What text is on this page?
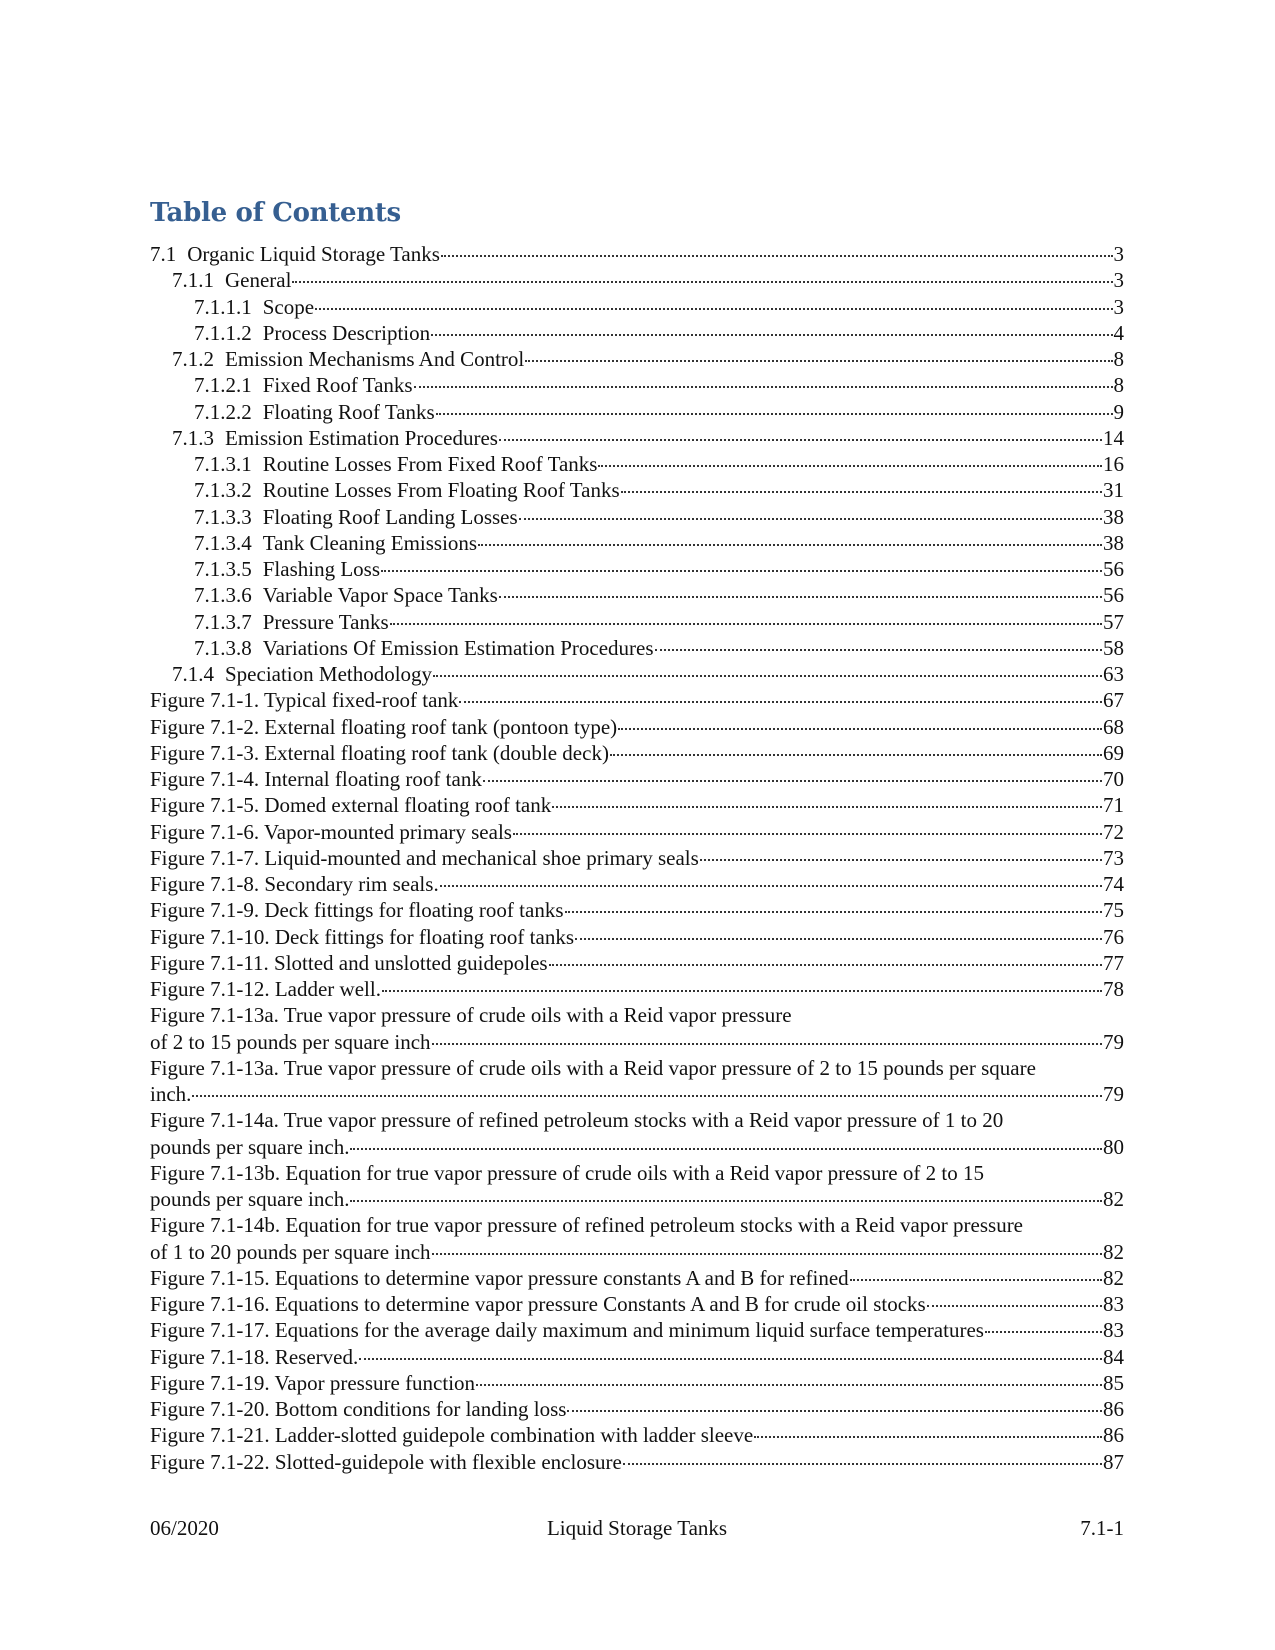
Table of Contents
7.1 Organic Liquid Storage Tanks	3
7.1.1 General	3
7.1.1.1 Scope	3
7.1.1.2 Process Description	4
7.1.2 Emission Mechanisms And Control	8
7.1.2.1 Fixed Roof Tanks	8
7.1.2.2 Floating Roof Tanks	9
7.1.3 Emission Estimation Procedures	14
7.1.3.1 Routine Losses From Fixed Roof Tanks	16
7.1.3.2 Routine Losses From Floating Roof Tanks	31
7.1.3.3 Floating Roof Landing Losses	38
7.1.3.4 Tank Cleaning Emissions	38
7.1.3.5 Flashing Loss	56
7.1.3.6 Variable Vapor Space Tanks	56
7.1.3.7 Pressure Tanks	57
7.1.3.8 Variations Of Emission Estimation Procedures	58
7.1.4 Speciation Methodology	63
Figure 7.1-1. Typical fixed-roof tank	67
Figure 7.1-2. External floating roof tank (pontoon type)	68
Figure 7.1-3. External floating roof tank (double deck)	69
Figure 7.1-4. Internal floating roof tank	70
Figure 7.1-5. Domed external floating roof tank	71
Figure 7.1-6. Vapor-mounted primary seals	72
Figure 7.1-7. Liquid-mounted and mechanical shoe primary seals	73
Figure 7.1-8. Secondary rim seals.	74
Figure 7.1-9. Deck fittings for floating roof tanks	75
Figure 7.1-10. Deck fittings for floating roof tanks	76
Figure 7.1-11. Slotted and unslotted guidepoles	77
Figure 7.1-12. Ladder well.	78
Figure 7.1-13a. True vapor pressure of crude oils with a Reid vapor pressure
of 2 to 15 pounds per square inch	79
Figure 7.1-13a. True vapor pressure of crude oils with a Reid vapor pressure of 2 to 15 pounds per square
inch.	79
Figure 7.1-14a. True vapor pressure of refined petroleum stocks with a Reid vapor pressure of 1 to 20
pounds per square inch.	80
Figure 7.1-13b. Equation for true vapor pressure of crude oils with a Reid vapor pressure of 2 to 15
pounds per square inch.	82
Figure 7.1-14b. Equation for true vapor pressure of refined petroleum stocks with a Reid vapor pressure
of 1 to 20 pounds per square inch	82
Figure 7.1-15. Equations to determine vapor pressure constants A and B for refined	82
Figure 7.1-16. Equations to determine vapor pressure Constants A and B for crude oil stocks	83
Figure 7.1-17. Equations for the average daily maximum and minimum liquid surface temperatures	83
Figure 7.1-18. Reserved.	84
Figure 7.1-19. Vapor pressure function	85
Figure 7.1-20. Bottom conditions for landing loss	86
Figure 7.1-21. Ladder-slotted guidepole combination with ladder sleeve	86
Figure 7.1-22. Slotted-guidepole with flexible enclosure	87
06/2020	Liquid Storage Tanks	7.1-1
